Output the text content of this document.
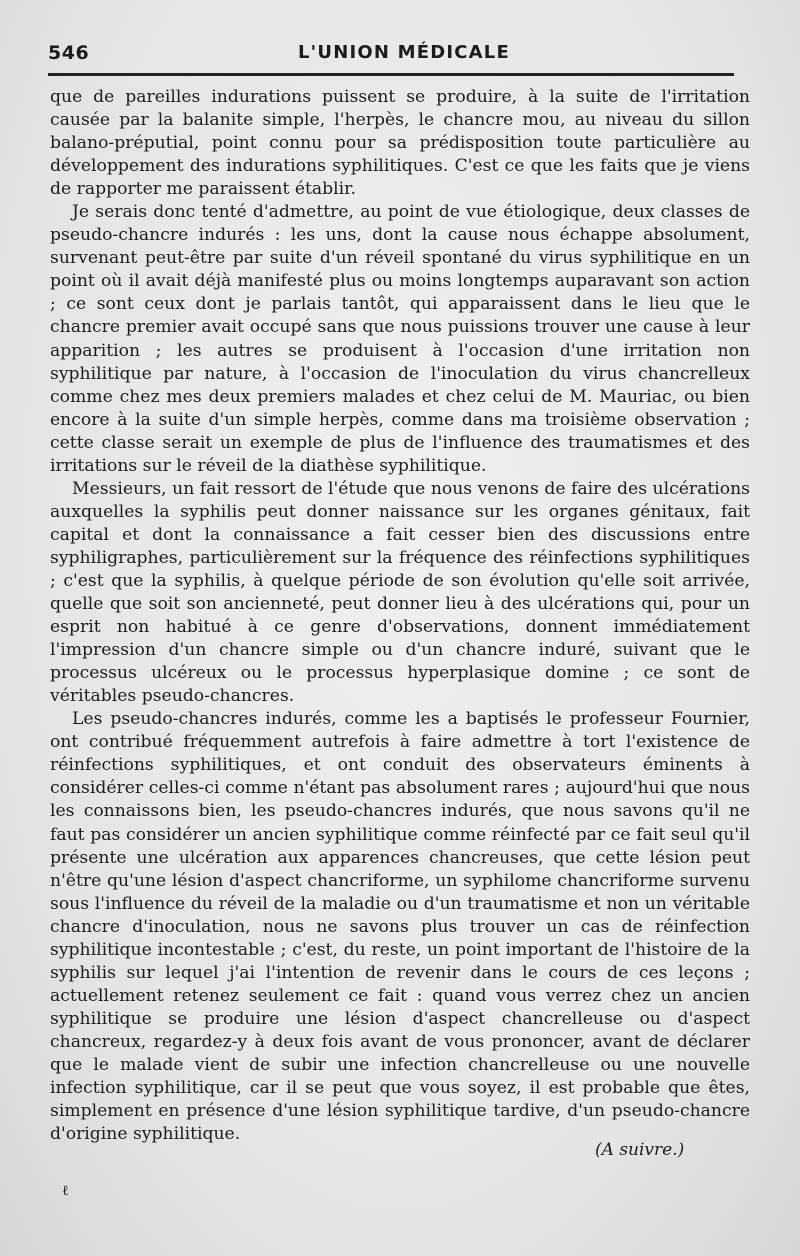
546	L'UNION MÉDICALE

que de pareilles indurations puissent se produire, à la suite de l'irritation causée par la balanite simple, l'herpès, le chancre mou, au niveau du sillon balano-préputial, point connu pour sa prédisposition toute particulière au développement des indurations syphilitiques. C'est ce que les faits que je viens de rapporter me paraissent établir.

Je serais donc tenté d'admettre, au point de vue étiologique, deux classes de pseudo-chancre indurés : les uns, dont la cause nous échappe absolument, survenant peut-être par suite d'un réveil spontané du virus syphilitique en un point où il avait déjà manifesté plus ou moins longtemps auparavant son action ; ce sont ceux dont je parlais tantôt, qui apparaissent dans le lieu que le chancre premier avait occupé sans que nous puissions trouver une cause à leur apparition ; les autres se produisent à l'occasion d'une irritation non syphilitique par nature, à l'occasion de l'inoculation du virus chancrelleux comme chez mes deux premiers malades et chez celui de M. Mauriac, ou bien encore à la suite d'un simple herpès, comme dans ma troisième observation ; cette classe serait un exemple de plus de l'influence des traumatismes et des irritations sur le réveil de la diathèse syphilitique.

Messieurs, un fait ressort de l'étude que nous venons de faire des ulcérations auxquelles la syphilis peut donner naissance sur les organes génitaux, fait capital et dont la connaissance a fait cesser bien des discussions entre syphiligraphes, particulièrement sur la fréquence des réinfections syphilitiques ; c'est que la syphilis, à quelque période de son évolution qu'elle soit arrivée, quelle que soit son ancienneté, peut donner lieu à des ulcérations qui, pour un esprit non habitué à ce genre d'observations, donnent immédiatement l'impression d'un chancre simple ou d'un chancre induré, suivant que le processus ulcéreux ou le processus hyperplasique domine ; ce sont de véritables pseudo-chancres.

Les pseudo-chancres indurés, comme les a baptisés le professeur Fournier, ont contribué fréquemment autrefois à faire admettre à tort l'existence de réinfections syphilitiques, et ont conduit des observateurs éminents à considérer celles-ci comme n'étant pas absolument rares ; aujourd'hui que nous les connaissons bien, les pseudo-chancres indurés, que nous savons qu'il ne faut pas considérer un ancien syphilitique comme réinfecté par ce fait seul qu'il présente une ulcération aux apparences chancreuses, que cette lésion peut n'être qu'une lésion d'aspect chancriforme, un syphilome chancriforme survenu sous l'influence du réveil de la maladie ou d'un traumatisme et non un véritable chancre d'inoculation, nous ne savons plus trouver un cas de réinfection syphilitique incontestable ; c'est, du reste, un point important de l'histoire de la syphilis sur lequel j'ai l'intention de revenir dans le cours de ces leçons ; actuellement retenez seulement ce fait : quand vous verrez chez un ancien syphilitique se produire une lésion d'aspect chancrelleuse ou d'aspect chancreux, regardez-y à deux fois avant de vous prononcer, avant de déclarer que le malade vient de subir une infection chancrelleuse ou une nouvelle infection syphilitique, car il se peut que vous soyez, il est probable que êtes, simplement en présence d'une lésion syphilitique tardive, d'un pseudo-chancre d'origine syphilitique.

(A suivre.)
ℓ
